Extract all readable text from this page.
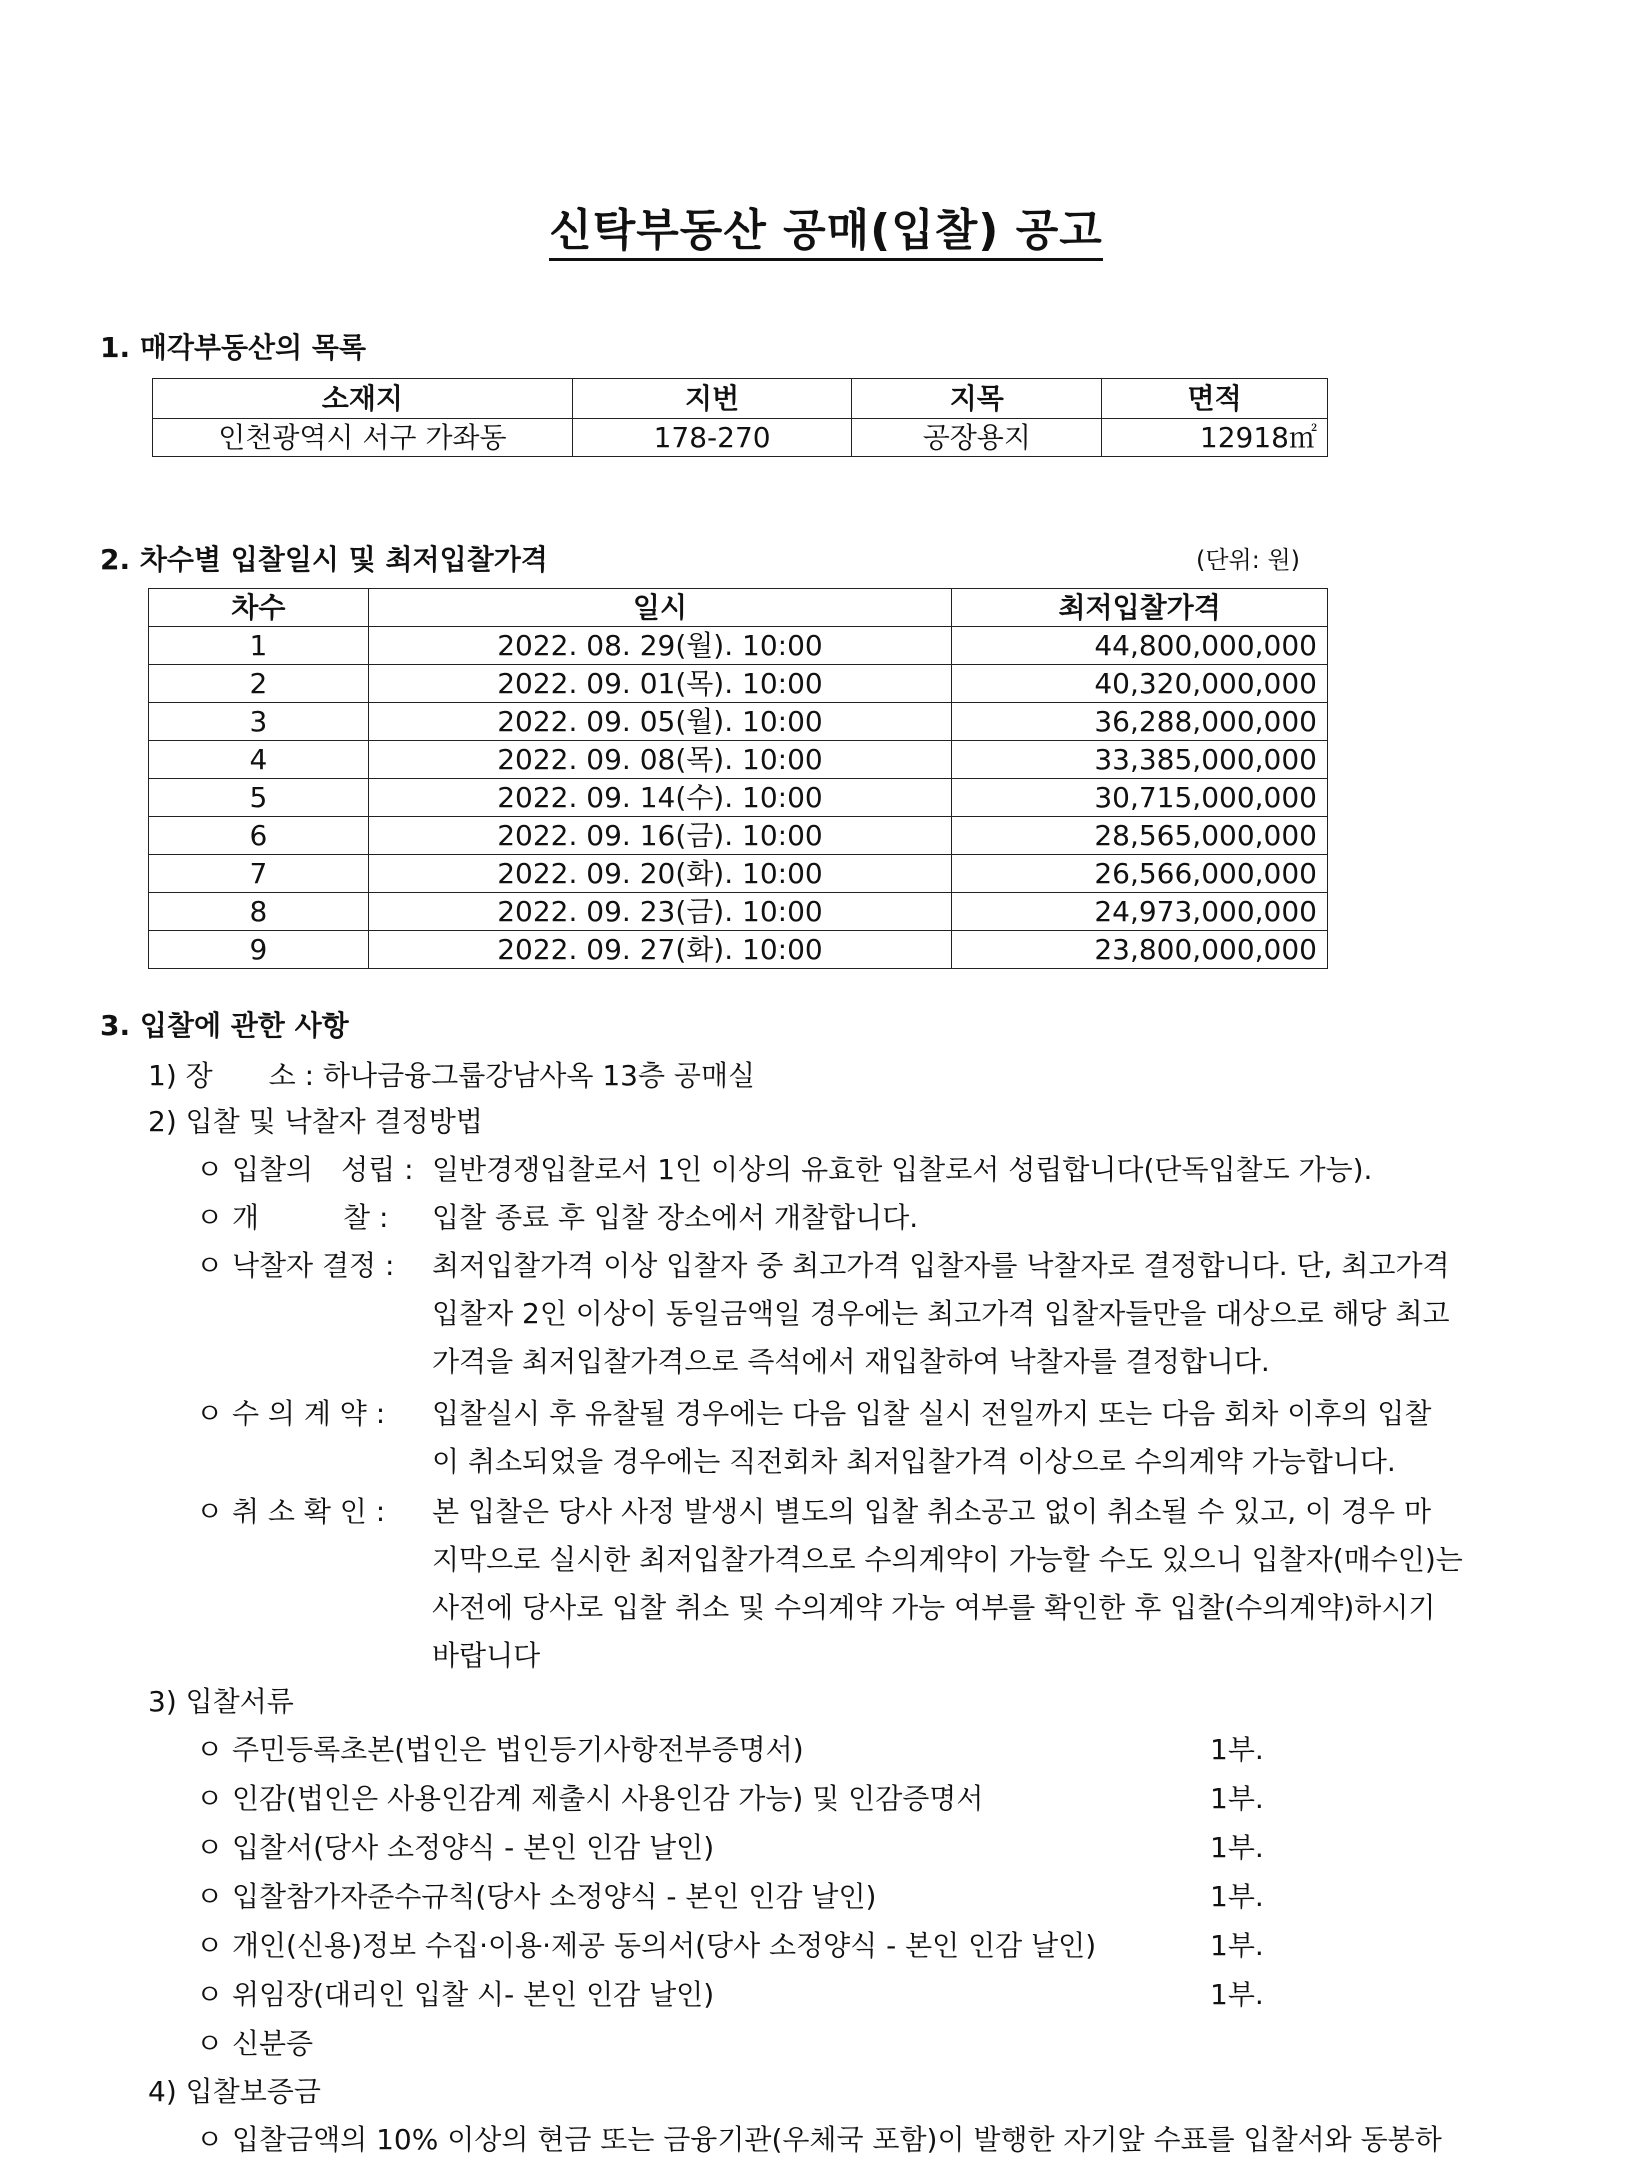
신탁부동산 공매(입찰) 공고
1. 매각부동산의 목록
소재지	지번	지목	면적
인천광역시 서구 가좌동	178-270	공장용지	12918㎡
2. 차수별 입찰일시 및 최저입찰가격	(단위: 원)
차수	일시	최저입찰가격
1	2022. 08. 29(월). 10:00	44,800,000,000
2	2022. 09. 01(목). 10:00	40,320,000,000
3	2022. 09. 05(월). 10:00	36,288,000,000
4	2022. 09. 08(목). 10:00	33,385,000,000
5	2022. 09. 14(수). 10:00	30,715,000,000
6	2022. 09. 16(금). 10:00	28,565,000,000
7	2022. 09. 20(화). 10:00	26,566,000,000
8	2022. 09. 23(금). 10:00	24,973,000,000
9	2022. 09. 27(화). 10:00	23,800,000,000
3. 입찰에 관한 사항
1) 장　　소 : 하나금융그룹강남사옥 13층 공매실
2) 입찰 및 낙찰자 결정방법
ㅇ 입찰의　성립 : 일반경쟁입찰로서 1인 이상의 유효한 입찰로서 성립합니다(단독입찰도 가능).
ㅇ 개　　　찰 : 입찰 종료 후 입찰 장소에서 개찰합니다.
ㅇ 낙찰자 결정 : 최저입찰가격 이상 입찰자 중 최고가격 입찰자를 낙찰자로 결정합니다. 단, 최고가격
입찰자 2인 이상이 동일금액일 경우에는 최고가격 입찰자들만을 대상으로 해당 최고
가격을 최저입찰가격으로 즉석에서 재입찰하여 낙찰자를 결정합니다.
ㅇ 수 의 계 약 : 입찰실시 후 유찰될 경우에는 다음 입찰 실시 전일까지 또는 다음 회차 이후의 입찰
이 취소되었을 경우에는 직전회차 최저입찰가격 이상으로 수의계약 가능합니다.
ㅇ 취 소 확 인 : 본 입찰은 당사 사정 발생시 별도의 입찰 취소공고 없이 취소될 수 있고, 이 경우 마
지막으로 실시한 최저입찰가격으로 수의계약이 가능할 수도 있으니 입찰자(매수인)는
사전에 당사로 입찰 취소 및 수의계약 가능 여부를 확인한 후 입찰(수의계약)하시기
바랍니다
3) 입찰서류
ㅇ 주민등록초본(법인은 법인등기사항전부증명서)	1부.
ㅇ 인감(법인은 사용인감계 제출시 사용인감 가능) 및 인감증명서	1부.
ㅇ 입찰서(당사 소정양식 - 본인 인감 날인)	1부.
ㅇ 입찰참가자준수규칙(당사 소정양식 - 본인 인감 날인)	1부.
ㅇ 개인(신용)정보 수집·이용·제공 동의서(당사 소정양식 - 본인 인감 날인)	1부.
ㅇ 위임장(대리인 입찰 시- 본인 인감 날인)	1부.
ㅇ 신분증
4) 입찰보증금
ㅇ 입찰금액의 10% 이상의 현금 또는 금융기관(우체국 포함)이 발행한 자기앞 수표를 입찰서와 동봉하
